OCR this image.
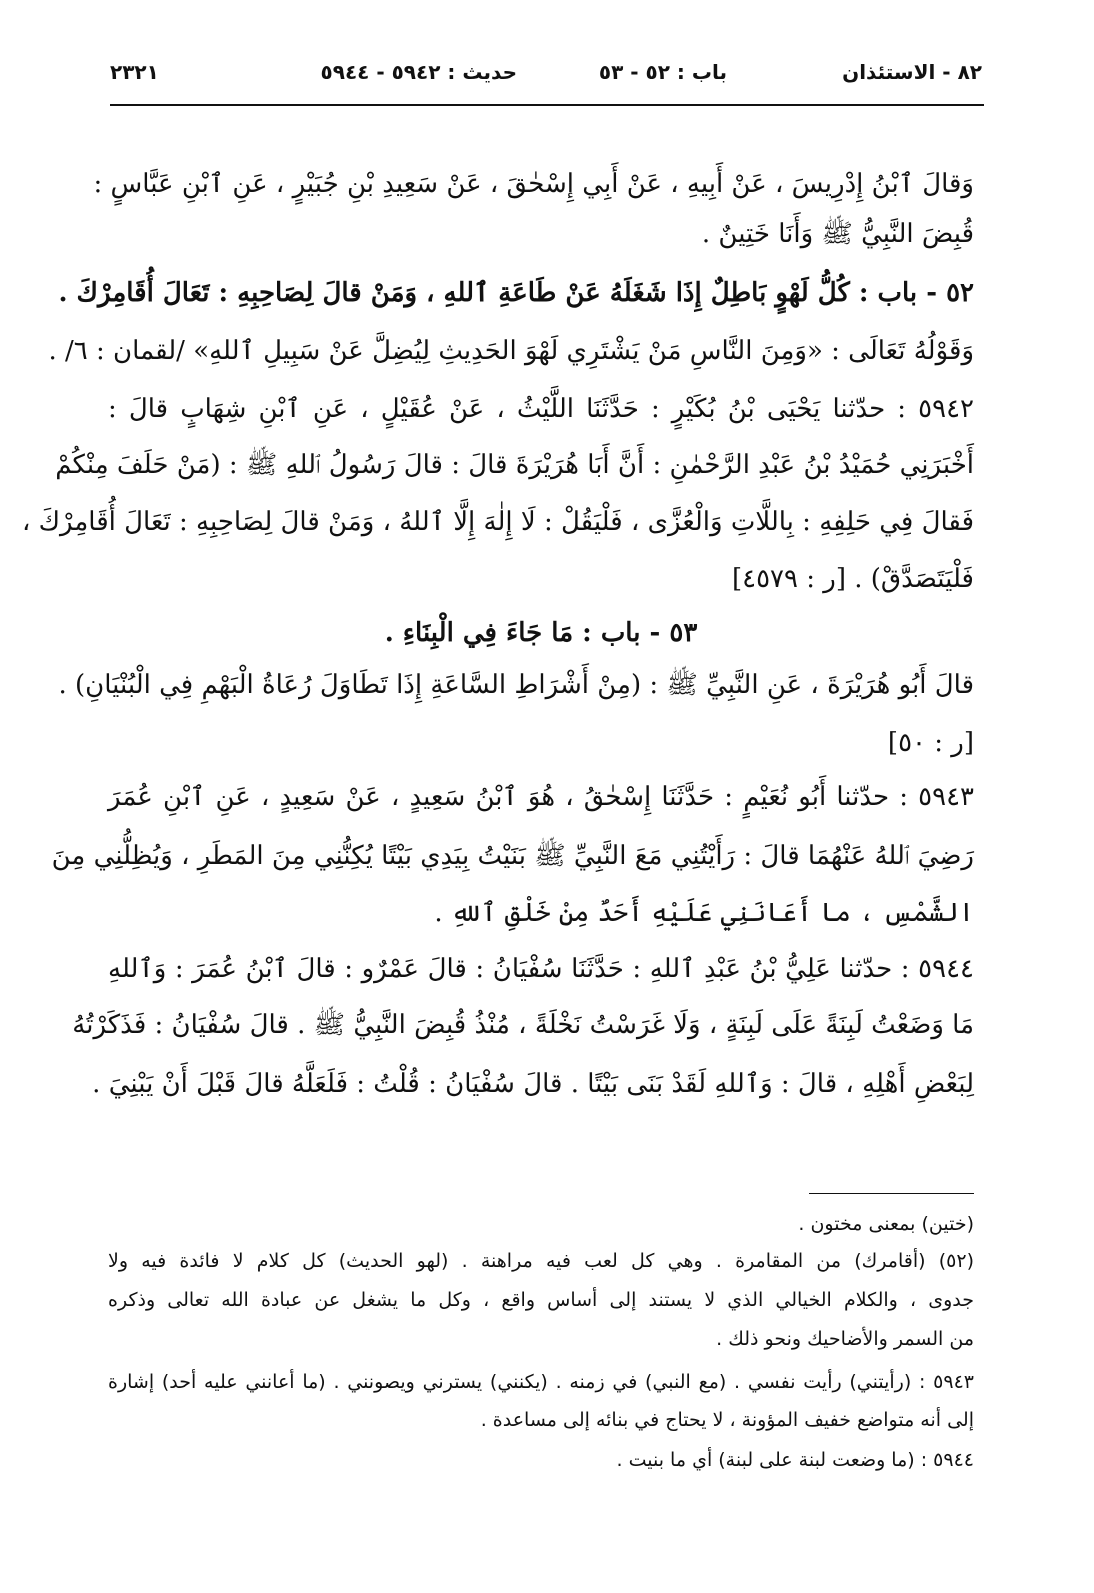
٨٢ - الاستئذان
باب : ٥٢ - ٥٣
حديث : ٥٩٤٢ - ٥٩٤٤
٢٣٢١
وَقالَ ٱبْنُ إِدْرِيسَ ، عَنْ أَبِيهِ ، عَنْ أَبِي إِسْحٰقَ ، عَنْ سَعِيدِ بْنِ جُبَيْرٍ ، عَنِ ٱبْنِ عَبَّاسٍ :
قُبِضَ النَّبِيُّ ﷺ وَأَنَا خَتِينٌ .
٥٢ - باب : كُلُّ لَهْوٍ بَاطِلٌ إِذَا شَغَلَهُ عَنْ طَاعَةِ ٱللهِ ، وَمَنْ قالَ لِصَاحِبِهِ : تَعَالَ أُقَامِرْكَ .
وَقَوْلُهُ تَعَالَى : «وَمِنَ النَّاسِ مَنْ يَشْتَرِي لَهْوَ الحَدِيثِ لِيُضِلَّ عَنْ سَبِيلِ ٱللهِ» /لقمان : ٦/ .
٥٩٤٢ : حدّثنا يَحْيَى بْنُ بُكَيْرٍ : حَدَّثَنَا اللَّيْثُ ، عَنْ عُقَيْلٍ ، عَنِ ٱبْنِ شِهَابٍ قالَ :
أَخْبَرَنِي حُمَيْدُ بْنُ عَبْدِ الرَّحْمٰنِ : أَنَّ أَبَا هُرَيْرَةَ قالَ : قالَ رَسُولُ ٱللهِ ﷺ : (مَنْ حَلَفَ مِنْكُمْ
فَقالَ فِي حَلِفِهِ : بِاللَّاتِ وَالْعُزَّى ، فَلْيَقُلْ : لَا إِلٰهَ إِلَّا ٱللهُ ، وَمَنْ قالَ لِصَاحِبِهِ : تَعَالَ أُقَامِرْكَ ،
فَلْيَتَصَدَّقْ) . [ر : ٤٥٧٩]
٥٣ - باب : مَا جَاءَ فِي الْبِنَاءِ .
قالَ أَبُو هُرَيْرَةَ ، عَنِ النَّبِيِّ ﷺ : (مِنْ أَشْرَاطِ السَّاعَةِ إِذَا تَطَاوَلَ رُعَاةُ الْبَهْمِ فِي الْبُنْيَانِ) .
[ر : ٥٠]
٥٩٤٣ : حدّثنا أَبُو نُعَيْمٍ : حَدَّثَنَا إِسْحٰقُ ، هُوَ ٱبْنُ سَعِيدٍ ، عَنْ سَعِيدٍ ، عَنِ ٱبْنِ عُمَرَ
رَضِيَ ٱللهُ عَنْهُمَا قالَ : رَأَيْتُنِي مَعَ النَّبِيِّ ﷺ بَنَيْتُ بِيَدِي بَيْتًا يُكِنُّنِي مِنَ المَطَرِ ، وَيُظِلُّنِي مِنَ
الشَّمْسِ ، ما أَعَانَنِي عَلَيْهِ أَحَدٌ مِنْ خَلْقِ ٱللهِ .
٥٩٤٤ : حدّثنا عَلِيُّ بْنُ عَبْدِ ٱللهِ : حَدَّثَنَا سُفْيَانُ : قالَ عَمْرٌو : قالَ ٱبْنُ عُمَرَ : وَٱللهِ
مَا وَضَعْتُ لَبِنَةً عَلَى لَبِنَةٍ ، وَلَا غَرَسْتُ نَخْلَةً ، مُنْذُ قُبِضَ النَّبِيُّ ﷺ . قالَ سُفْيَانُ : فَذَكَرْتُهُ
لِبَعْضِ أَهْلِهِ ، قالَ : وَٱللهِ لَقَدْ بَنَى بَيْتًا . قالَ سُفْيَانُ : قُلْتُ : فَلَعَلَّهُ قالَ قَبْلَ أَنْ يَبْنِيَ .
(ختين) بمعنى مختون .
(٥٢) (أقامرك) من المقامرة . وهي كل لعب فيه مراهنة . (لهو الحديث) كل كلام لا فائدة فيه ولا
جدوى ، والكلام الخيالي الذي لا يستند إلى أساس واقع ، وكل ما يشغل عن عبادة الله تعالى وذكره
من السمر والأضاحيك ونحو ذلك .
٥٩٤٣ : (رأيتني) رأيت نفسي . (مع النبي) في زمنه . (يكنني) يسترني ويصونني . (ما أعانني عليه أحد) إشارة
إلى أنه متواضع خفيف المؤونة ، لا يحتاج في بنائه إلى مساعدة .
٥٩٤٤ : (ما وضعت لبنة على لبنة) أي ما بنيت .
